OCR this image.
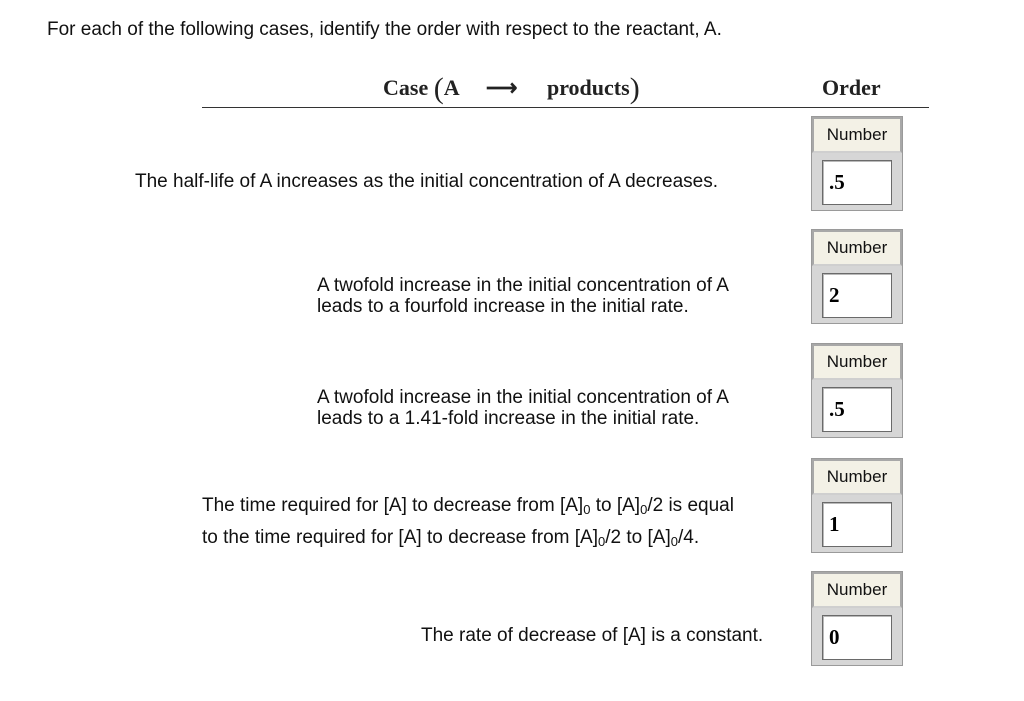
For each of the following cases, identify the order with respect to the reactant, A.
Case (A ⟶ products)	Order
The half-life of A increases as the initial concentration of A decreases.
Number
.5
A twofold increase in the initial concentration of A
leads to a fourfold increase in the initial rate.
Number
2
A twofold increase in the initial concentration of A
leads to a 1.41-fold increase in the initial rate.
Number
.5
The time required for [A] to decrease from $[A]_0$ to $[A]_0/2$ is equal
to the time required for [A] to decrease from $[A]_0/2$ to $[A]_0/4$.
Number
1
The rate of decrease of [A] is a constant.
Number
0
